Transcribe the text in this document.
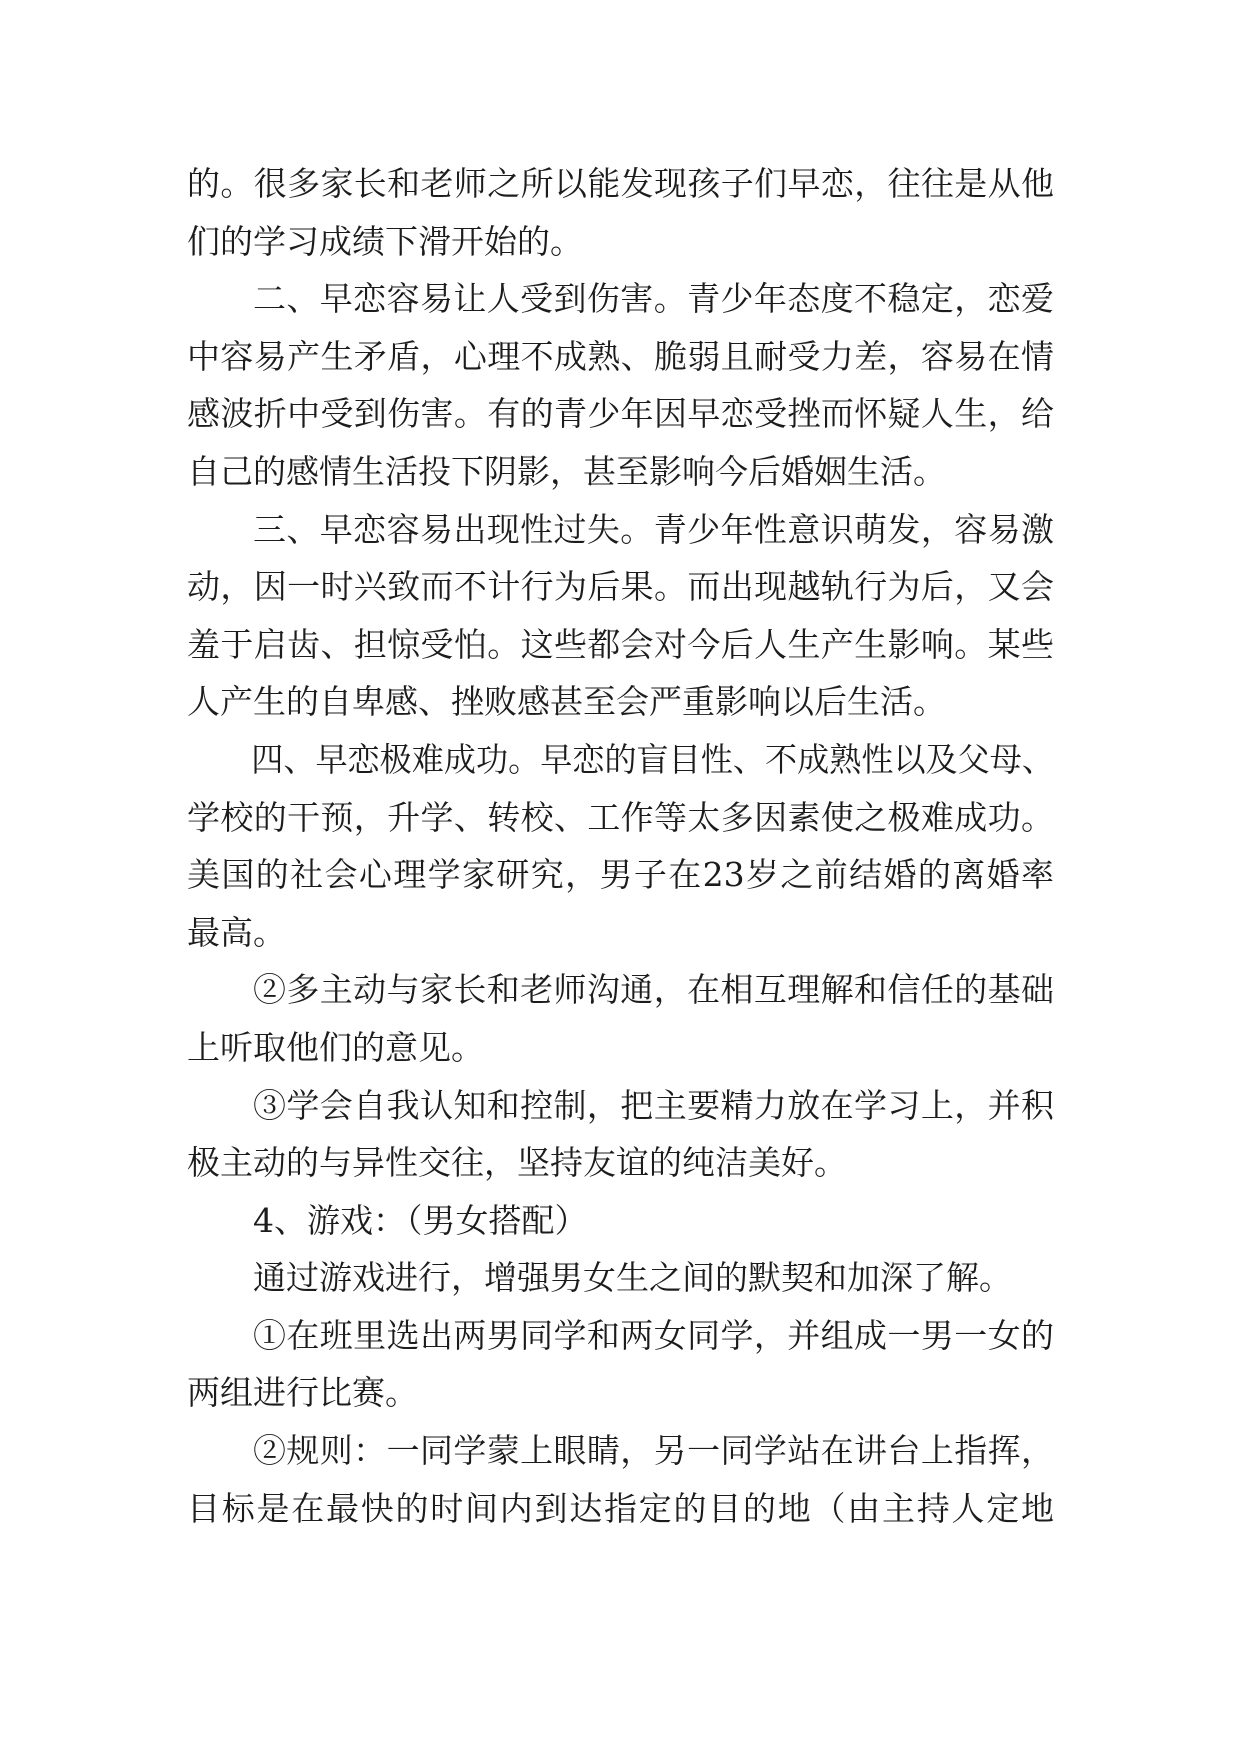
的。很多家长和老师之所以能发现孩子们早恋，往往是从他
们的学习成绩下滑开始的。
二、早恋容易让人受到伤害。青少年态度不稳定，恋爱
中容易产生矛盾，心理不成熟、脆弱且耐受力差，容易在情
感波折中受到伤害。有的青少年因早恋受挫而怀疑人生，给
自己的感情生活投下阴影，甚至影响今后婚姻生活。
三、早恋容易出现性过失。青少年性意识萌发，容易激
动，因一时兴致而不计行为后果。而出现越轨行为后，又会
羞于启齿、担惊受怕。这些都会对今后人生产生影响。某些
人产生的自卑感、挫败感甚至会严重影响以后生活。
四、早恋极难成功。早恋的盲目性、不成熟性以及父母、
学校的干预，升学、转校、工作等太多因素使之极难成功。
美国的社会心理学家研究，男子在23岁之前结婚的离婚率
最高。
②多主动与家长和老师沟通，在相互理解和信任的基础
上听取他们的意见。
③学会自我认知和控制，把主要精力放在学习上，并积
极主动的与异性交往，坚持友谊的纯洁美好。
4、游戏：（男女搭配）
通过游戏进行，增强男女生之间的默契和加深了解。
①在班里选出两男同学和两女同学，并组成一男一女的
两组进行比赛。
②规则：一同学蒙上眼睛，另一同学站在讲台上指挥，
目标是在最快的时间内到达指定的目的地（由主持人定地
